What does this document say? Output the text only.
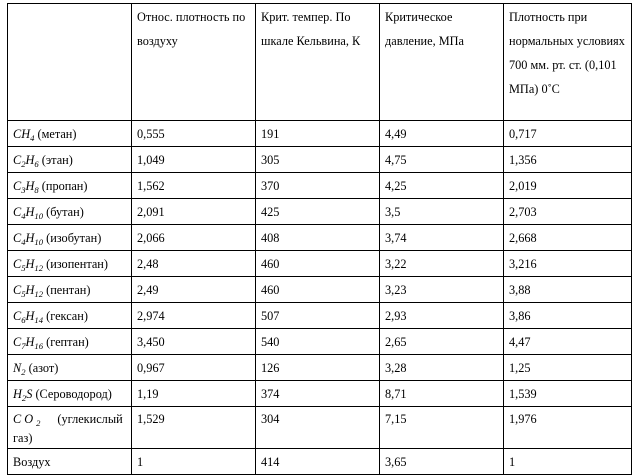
	Относ. плотность по воздуху	Крит. темпер. По шкале Кельвина, К	Критическое давление, МПа	Плотность при нормальных условиях 700 мм. рт. ст. (0,101 МПа) 0˚С
$CH_4$ (метан)	0,555	191	4,49	0,717
$C_2H_6$ (этан)	1,049	305	4,75	1,356
$C_3H_8$ (пропан)	1,562	370	4,25	2,019
$C_4H_{10}$ (бутан)	2,091	425	3,5	2,703
$C_4H_{10}$ (изобутан)	2,066	408	3,74	2,668
$C_5H_{12}$ (изопентан)	2,48	460	3,22	3,216
$C_5H_{12}$ (пентан)	2,49	460	3,23	3,88
$C_6H_{14}$ (гексан)	2,974	507	2,93	3,86
$C_7H_{16}$ (гептан)	3,450	540	2,65	4,47
$N_2$ (азот)	0,967	126	3,28	1,25
$H_2S$ (Сероводород)	1,19	374	8,71	1,539
$CO_2$ (углекислый газ)	1,529	304	7,15	1,976
Воздух	1	414	3,65	1
